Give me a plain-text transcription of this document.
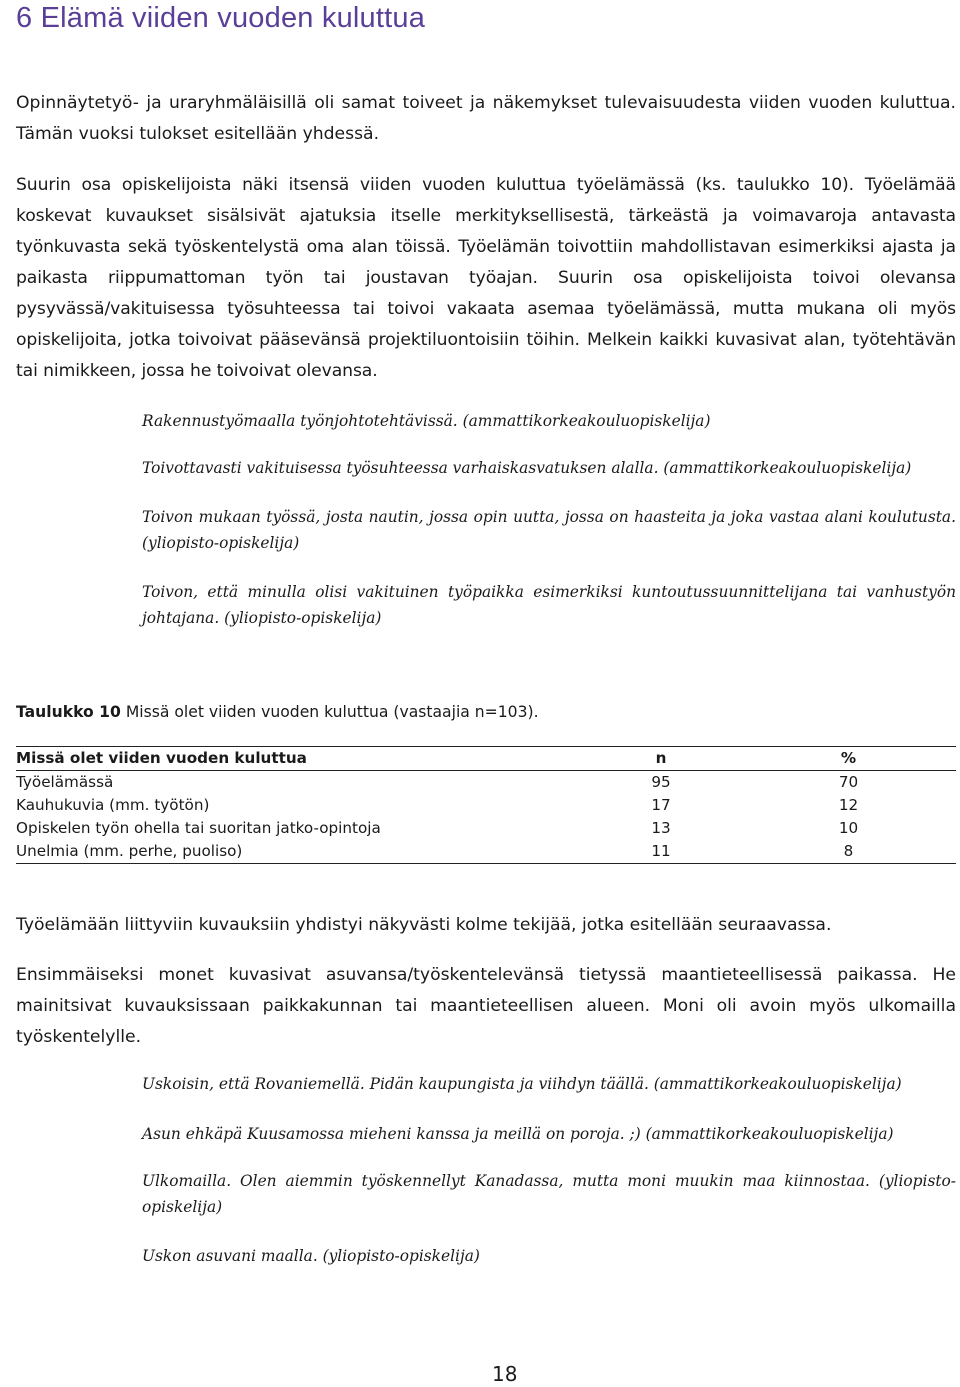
6 Elämä viiden vuoden kuluttua

Opinnäytetyö- ja uraryhmäläisillä oli samat toiveet ja näkemykset tulevaisuudesta viiden vuoden kuluttua. Tämän vuoksi tulokset esitellään yhdessä.

Suurin osa opiskelijoista näki itsensä viiden vuoden kuluttua työelämässä (ks. taulukko 10). Työelämää koskevat kuvaukset sisälsivät ajatuksia itselle merkityksellisestä, tärkeästä ja voimavaroja antavasta työnkuvasta sekä työskentelystä oma alan töissä. Työelämän toivottiin mahdollistavan esimerkiksi ajasta ja paikasta riippumattoman työn tai joustavan työajan. Suurin osa opiskelijoista toivoi olevansa pysyvässä/vakituisessa työsuhteessa tai toivoi vakaata asemaa työelämässä, mutta mukana oli myös opiskelijoita, jotka toivoivat pääsevänsä projektiluontoisiin töihin. Melkein kaikki kuvasivat alan, työtehtävän tai nimikkeen, jossa he toivoivat olevansa.

Rakennustyömaalla työnjohtotehtävissä. (ammattikorkeakouluopiskelija)

Toivottavasti vakituisessa työsuhteessa varhaiskasvatuksen alalla. (ammattikorkeakouluopiskelija)

Toivon mukaan työssä, josta nautin, jossa opin uutta, jossa on haasteita ja joka vastaa alani koulutusta. (yliopisto-opiskelija)

Toivon, että minulla olisi vakituinen työpaikka esimerkiksi kuntoutussuunnittelijana tai vanhustyön johtajana. (yliopisto-opiskelija)

Taulukko 10 Missä olet viiden vuoden kuluttua (vastaajia n=103).

Missä olet viiden vuoden kuluttua	n	%
Työelämässä	95	70
Kauhukuvia (mm. työtön)	17	12
Opiskelen työn ohella tai suoritan jatko-opintoja	13	10
Unelmia (mm. perhe, puoliso)	11	8

Työelämään liittyviin kuvauksiin yhdistyi näkyvästi kolme tekijää, jotka esitellään seuraavassa.

Ensimmäiseksi monet kuvasivat asuvansa/työskentelevänsä tietyssä maantieteellisessä paikassa. He mainitsivat kuvauksissaan paikkakunnan tai maantieteellisen alueen. Moni oli avoin myös ulkomailla työskentelylle.

Uskoisin, että Rovaniemellä. Pidän kaupungista ja viihdyn täällä. (ammattikorkeakouluopiskelija)

Asun ehkäpä Kuusamossa mieheni kanssa ja meillä on poroja. ;) (ammattikorkeakouluopiskelija)

Ulkomailla. Olen aiemmin työskennellyt Kanadassa, mutta moni muukin maa kiinnostaa. (yliopisto-opiskelija)

Uskon asuvani maalla. (yliopisto-opiskelija)

18
